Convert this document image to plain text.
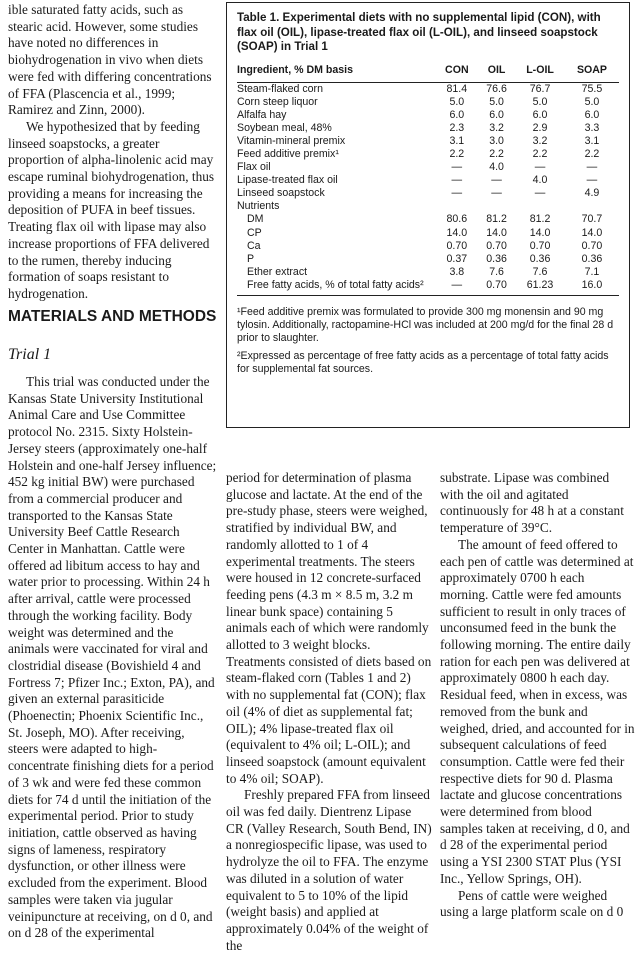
ible saturated fatty acids, such as stearic acid. However, some studies have noted no differences in biohydrogenation in vivo when diets were fed with differing concentrations of FFA (Plascencia et al., 1999; Ramirez and Zinn, 2000).

We hypothesized that by feeding linseed soapstocks, a greater proportion of alpha-linolenic acid may escape ruminal biohydrogenation, thus providing a means for increasing the deposition of PUFA in beef tissues. Treating flax oil with lipase may also increase proportions of FFA delivered to the rumen, thereby inducing formation of soaps resistant to hydrogenation.

MATERIALS AND METHODS
Trial 1

This trial was conducted under the Kansas State University Institutional Animal Care and Use Committee protocol No. 2315. Sixty Holstein-Jersey steers (approximately one-half Holstein and one-half Jersey influence; 452 kg initial BW) were purchased from a commercial producer and transported to the Kansas State University Beef Cattle Research Center in Manhattan. Cattle were offered ad libitum access to hay and water prior to processing. Within 24 h after arrival, cattle were processed through the working facility. Body weight was determined and the animals were vaccinated for viral and clostridial disease (Bovishield 4 and Fortress 7; Pfizer Inc.; Exton, PA), and given an external parasiticide (Phoenectin; Phoenix Scientific Inc., St. Joseph, MO). After receiving, steers were adapted to high-concentrate finishing diets for a period of 3 wk and were fed these common diets for 74 d until the initiation of the experimental period. Prior to study initiation, cattle observed as having signs of lameness, respiratory dysfunction, or other illness were excluded from the experiment. Blood samples were taken via jugular veinipuncture at receiving, on d 0, and on d 28 of the experimental

Table 1. Experimental diets with no supplemental lipid (CON), with flax oil (OIL), lipase-treated flax oil (L-OIL), and linseed soapstock (SOAP) in Trial 1
Ingredient, % DM basis	CON	OIL	L-OIL	SOAP
Steam-flaked corn	81.4	76.6	76.7	75.5
Corn steep liquor	5.0	5.0	5.0	5.0
Alfalfa hay	6.0	6.0	6.0	6.0
Soybean meal, 48%	2.3	3.2	2.9	3.3
Vitamin-mineral premix	3.1	3.0	3.2	3.1
Feed additive premix¹	2.2	2.2	2.2	2.2
Flax oil	—	4.0	—	—
Lipase-treated flax oil	—	—	4.0	—
Linseed soapstock	—	—	—	4.9
Nutrients				
DM	80.6	81.2	81.2	70.7
CP	14.0	14.0	14.0	14.0
Ca	0.70	0.70	0.70	0.70
P	0.37	0.36	0.36	0.36
Ether extract	3.8	7.6	7.6	7.1
Free fatty acids, % of total fatty acids²	—	0.70	61.23	16.0

¹Feed additive premix was formulated to provide 300 mg monensin and 90 mg tylosin. Additionally, ractopamine-HCl was included at 200 mg/d for the final 28 d prior to slaughter.

²Expressed as percentage of free fatty acids as a percentage of total fatty acids for supplemental fat sources.

period for determination of plasma glucose and lactate. At the end of the pre-study phase, steers were weighed, stratified by individual BW, and randomly allotted to 1 of 4 experimental treatments. The steers were housed in 12 concrete-surfaced feeding pens (4.3 m × 8.5 m, 3.2 m linear bunk space) containing 5 animals each of which were randomly allotted to 3 weight blocks. Treatments consisted of diets based on steam-flaked corn (Tables 1 and 2) with no supplemental fat (CON); flax oil (4% of diet as supplemental fat; OIL); 4% lipase-treated flax oil (equivalent to 4% oil; L-OIL); and linseed soapstock (amount equivalent to 4% oil; SOAP).

Freshly prepared FFA from linseed oil was fed daily. Dientrenz Lipase CR (Valley Research, South Bend, IN) a nonregiospecific lipase, was used to hydrolyze the oil to FFA. The enzyme was diluted in a solution of water equivalent to 5 to 10% of the lipid (weight basis) and applied at approximately 0.04% of the weight of the

substrate. Lipase was combined with the oil and agitated continuously for 48 h at a constant temperature of 39°C.

The amount of feed offered to each pen of cattle was determined at approximately 0700 h each morning. Cattle were fed amounts sufficient to result in only traces of unconsumed feed in the bunk the following morning. The entire daily ration for each pen was delivered at approximately 0800 h each day. Residual feed, when in excess, was removed from the bunk and weighed, dried, and accounted for in subsequent calculations of feed consumption. Cattle were fed their respective diets for 90 d. Plasma lactate and glucose concentrations were determined from blood samples taken at receiving, d 0, and d 28 of the experimental period using a YSI 2300 STAT Plus (YSI Inc., Yellow Springs, OH).

Pens of cattle were weighed using a large platform scale on d 0
